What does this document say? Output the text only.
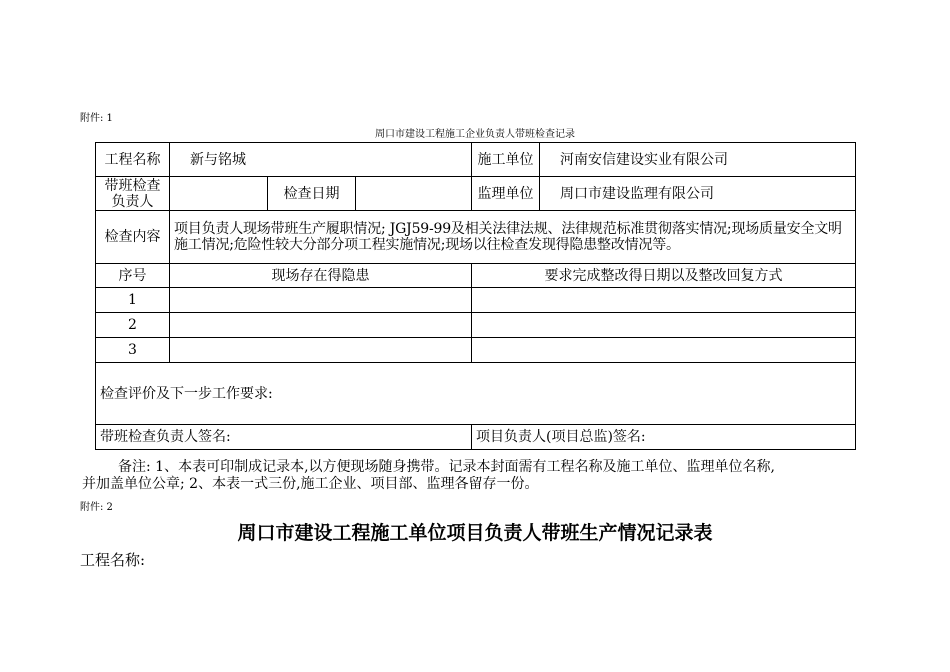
附件: 1
周口市建设工程施工企业负责人带班检查记录
工程名称	新与铭城			施工单位	河南安信建设实业有限公司
带班检查负责人		检查日期		监理单位	周口市建设监理有限公司
检查内容	项目负责人现场带班生产履职情况; JGJ59-99及相关法律法规、法律规范标准贯彻落实情况;现场质量安全文明施工情况;危险性较大分部分项工程实施情况;现场以往检查发现得隐患整改情况等。				
序号	现场存在得隐患			要求完成整改得日期以及整改回复方式	
1					
2					
3					
检查评价及下一步工作要求:					
带班检查负责人签名:				项目负责人(项目总监)签名:	
备注: 1、本表可印制成记录本,以方便现场随身携带。记录本封面需有工程名称及施工单位、监理单位名称,
并加盖单位公章; 2、本表一式三份,施工企业、项目部、监理各留存一份。
附件: 2
周口市建设工程施工单位项目负责人带班生产情况记录表
工程名称:
